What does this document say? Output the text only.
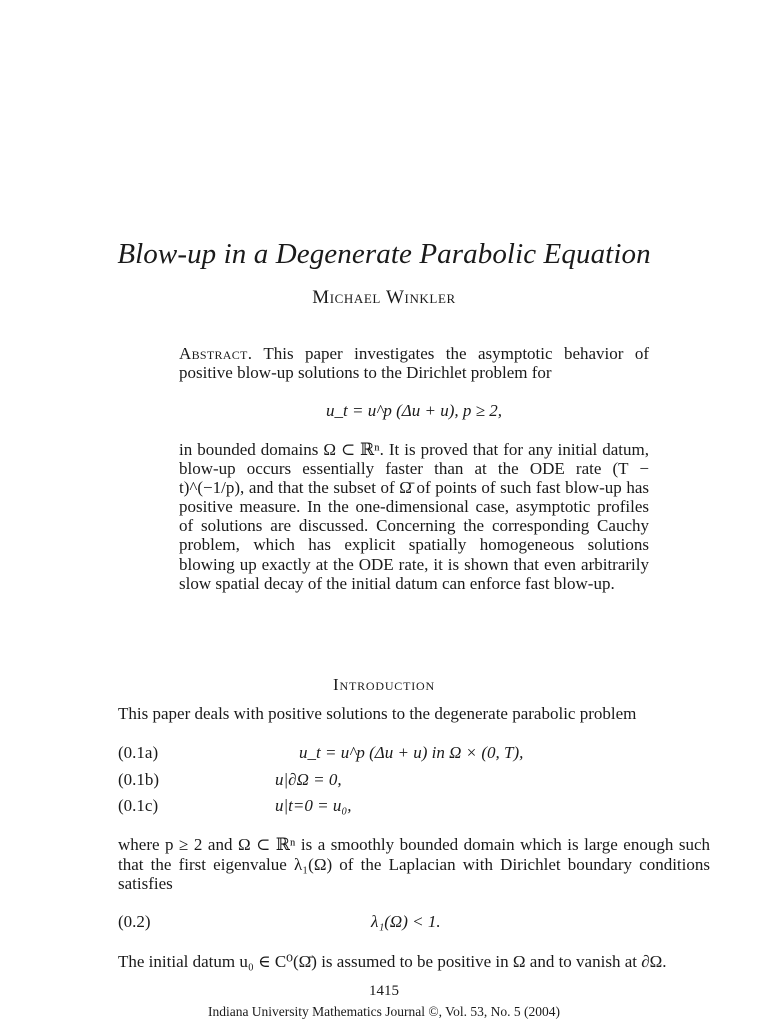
Blow-up in a Degenerate Parabolic Equation
Michael Winkler
Abstract. This paper investigates the asymptotic behavior of positive blow-up solutions to the Dirichlet problem for
u_t = u^p (Δu + u), p ≥ 2,
in bounded domains Ω ⊂ ℝⁿ. It is proved that for any initial datum, blow-up occurs essentially faster than at the ODE rate (T − t)^(−1/p), and that the subset of Ω̄ of points of such fast blow-up has positive measure. In the one-dimensional case, asymptotic profiles of solutions are discussed. Concerning the corresponding Cauchy problem, which has explicit spatially homogeneous solutions blowing up exactly at the ODE rate, it is shown that even arbitrarily slow spatial decay of the initial datum can enforce fast blow-up.
Introduction
This paper deals with positive solutions to the degenerate parabolic problem
(0.1a)	u_t = u^p (Δu + u) in Ω × (0, T),
(0.1b)	u|∂Ω = 0,
(0.1c)	u|t=0 = u₀,
where p ≥ 2 and Ω ⊂ ℝⁿ is a smoothly bounded domain which is large enough such that the first eigenvalue λ₁(Ω) of the Laplacian with Dirichlet boundary conditions satisfies
(0.2)	λ₁(Ω) < 1.
The initial datum u₀ ∈ C⁰(Ω̄) is assumed to be positive in Ω and to vanish at ∂Ω.
1415
Indiana University Mathematics Journal ©, Vol. 53, No. 5 (2004)
